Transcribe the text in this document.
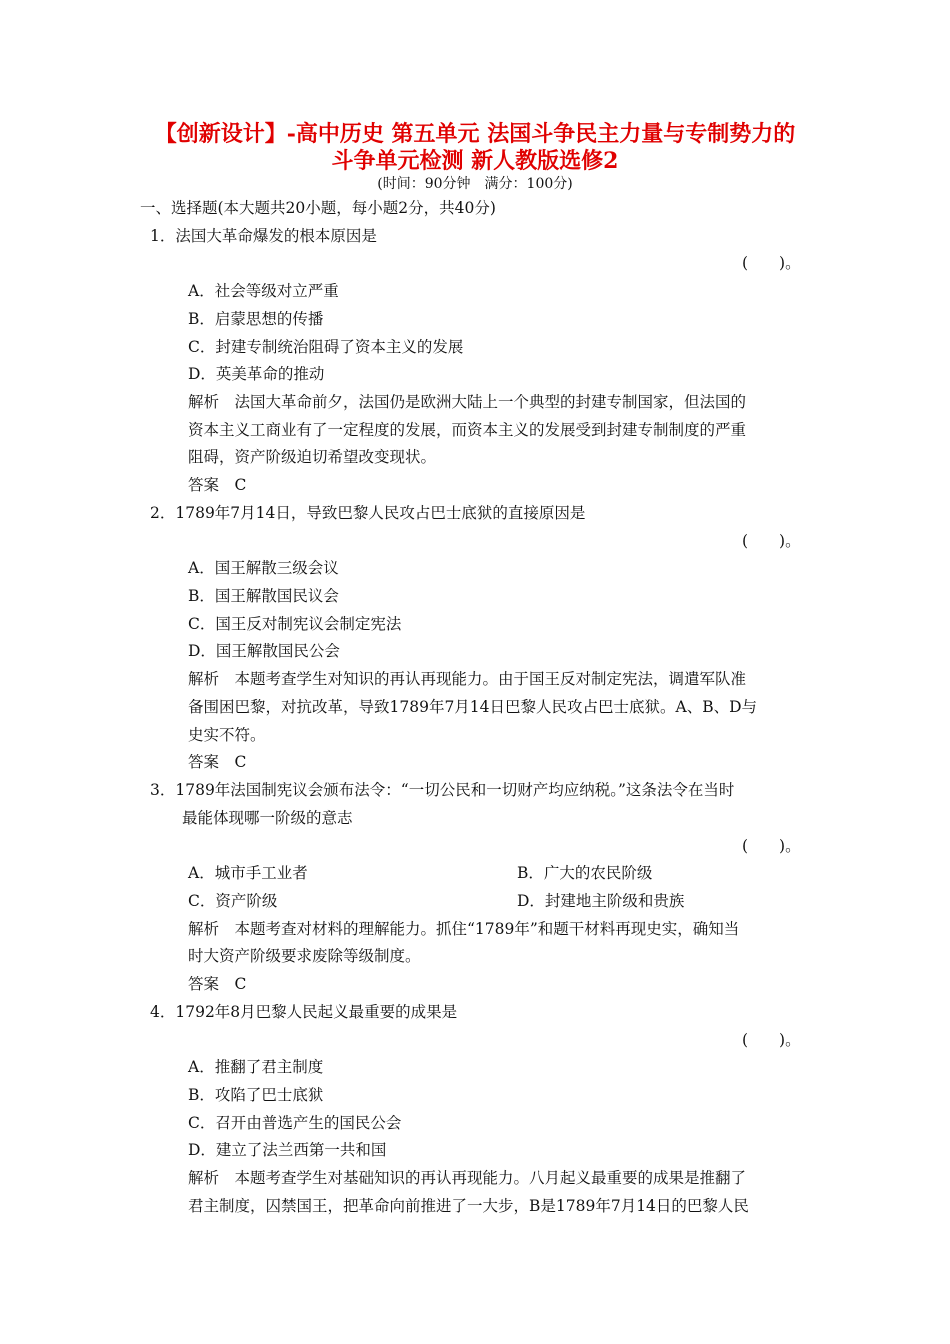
【创新设计】-高中历史 第五单元 法国斗争民主力量与专制势力的
斗争单元检测 新人教版选修2
(时间：90分钟　满分：100分)
一、选择题(本大题共20小题，每小题2分，共40分)
1．法国大革命爆发的根本原因是
(　　)。
A．社会等级对立严重
B．启蒙思想的传播
C．封建专制统治阻碍了资本主义的发展
D．英美革命的推动
解析　法国大革命前夕，法国仍是欧洲大陆上一个典型的封建专制国家，但法国的
资本主义工商业有了一定程度的发展，而资本主义的发展受到封建专制制度的严重
阻碍，资产阶级迫切希望改变现状。
答案　C
2．1789年7月14日，导致巴黎人民攻占巴士底狱的直接原因是
(　　)。
A．国王解散三级会议
B．国王解散国民议会
C．国王反对制宪议会制定宪法
D．国王解散国民公会
解析　本题考查学生对知识的再认再现能力。由于国王反对制定宪法，调遣军队准
备围困巴黎，对抗改革，导致1789年7月14日巴黎人民攻占巴士底狱。A、B、D与
史实不符。
答案　C
3．1789年法国制宪议会颁布法令：“一切公民和一切财产均应纳税。”这条法令在当时
最能体现哪一阶级的意志
(　　)。
A．城市手工业者	B．广大的农民阶级
C．资产阶级	D．封建地主阶级和贵族
解析　本题考查对材料的理解能力。抓住“1789年”和题干材料再现史实，确知当
时大资产阶级要求废除等级制度。
答案　C
4．1792年8月巴黎人民起义最重要的成果是
(　　)。
A．推翻了君主制度
B．攻陷了巴士底狱
C．召开由普选产生的国民公会
D．建立了法兰西第一共和国
解析　本题考查学生对基础知识的再认再现能力。八月起义最重要的成果是推翻了
君主制度，囚禁国王，把革命向前推进了一大步，B是1789年7月14日的巴黎人民
